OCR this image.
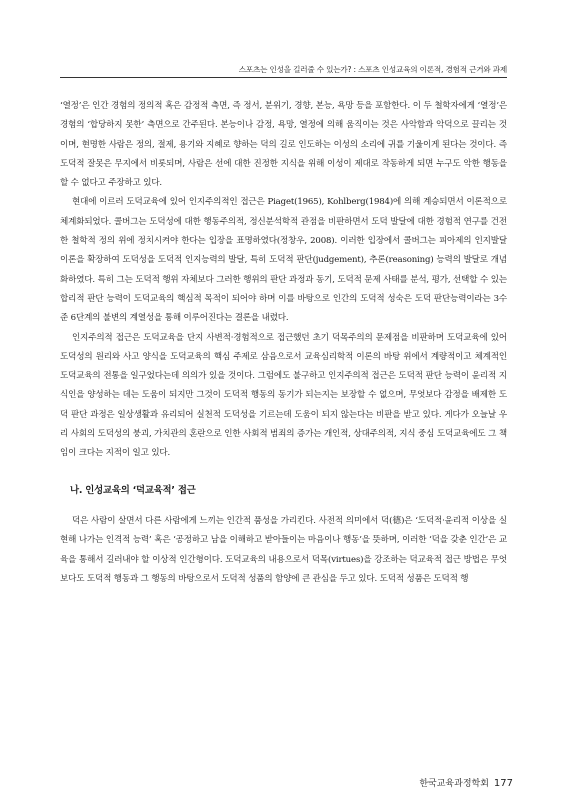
스포츠는 인성을 길러줄 수 있는가? : 스포츠 인성교육의 이론적, 경험적 근거와 과제

‘열정’은 인간 경험의 정의적 혹은 감정적 측면, 즉 정서, 분위기, 경향, 본능, 욕망 등을 포함한다. 이 두 철학자에게 ‘열정’은 경험의 ‘합당하지 못한’ 측면으로 간주된다. 본능이나 감정, 욕망, 열정에 의해 움직이는 것은 사악함과 악덕으로 끌리는 것이며, 현명한 사람은 정의, 절제, 용기와 지혜로 향하는 덕의 길로 인도하는 이성의 소리에 귀를 기울이게 된다는 것이다. 즉 도덕적 잘못은 무지에서 비롯되며, 사람은 선에 대한 진정한 지식을 위해 이성이 제대로 작동하게 되면 누구도 악한 행동을 할 수 없다고 주장하고 있다.

현대에 이르러 도덕교육에 있어 인지주의적인 접근은 Piaget(1965), Kohlberg(1984)에 의해 계승되면서 이론적으로 체계화되었다. 콜버그는 도덕성에 대한 행동주의적, 정신분석학적 관점을 비판하면서 도덕 발달에 대한 경험적 연구를 건전한 철학적 정의 위에 정치시켜야 한다는 입장을 표명하였다(정창우, 2008). 이러한 입장에서 콜버그는 피아제의 인지발달 이론을 확장하여 도덕성을 도덕적 인지능력의 발달, 특히 도덕적 판단(judgement), 추론(reasoning) 능력의 발달로 개념화하였다. 특히 그는 도덕적 행위 자체보다 그러한 행위의 판단 과정과 동기, 도덕적 문제 사태를 분석, 평가, 선택할 수 있는 합리적 판단 능력이 도덕교육의 핵심적 목적이 되어야 하며 이를 바탕으로 인간의 도덕적 성숙은 도덕 판단능력이라는 3수준 6단계의 불변의 계열성을 통해 이루어진다는 결론을 내렸다.

인지주의적 접근은 도덕교육을 단지 사변적·경험적으로 접근했던 초기 덕목주의의 문제점을 비판하며 도덕교육에 있어 도덕성의 원리와 사고 양식을 도덕교육의 핵심 주제로 삼음으로서 교육심리학적 이론의 바탕 위에서 계량적이고 체계적인 도덕교육의 전통을 일구었다는데 의의가 있을 것이다. 그럼에도 불구하고 인지주의적 접근은 도덕적 판단 능력이 윤리적 지식인을 양성하는 데는 도움이 되지만 그것이 도덕적 행동의 동기가 되는지는 보장할 수 없으며, 무엇보다 감정을 배제한 도덕 판단 과정은 일상생활과 유리되어 실천적 도덕성을 기르는데 도움이 되지 않는다는 비판을 받고 있다. 게다가 오늘날 우리 사회의 도덕성의 붕괴, 가치관의 혼란으로 인한 사회적 범죄의 증가는 개인적, 상대주의적, 지식 중심 도덕교육에도 그 책임이 크다는 지적이 일고 있다.

나. 인성교육의 ‘덕교육적’ 접근

덕은 사람이 살면서 다른 사람에게 느끼는 인간적 품성을 가리킨다. 사전적 의미에서 덕(德)은 ‘도덕적·윤리적 이상을 실현해 나가는 인격적 능력’ 혹은 ‘공정하고 남을 이해하고 받아들이는 마음이나 행동’을 뜻하며, 이러한 ‘덕을 갖춘 인간’은 교육을 통해서 길러내야 할 이상적 인간형이다. 도덕교육의 내용으로서 덕목(virtues)을 강조하는 덕교육적 접근 방법은 무엇보다도 도덕적 행동과 그 행동의 바탕으로서 도덕적 성품의 함양에 큰 관심을 두고 있다. 도덕적 성품은 도덕적 행

한국교육과정학회 177
